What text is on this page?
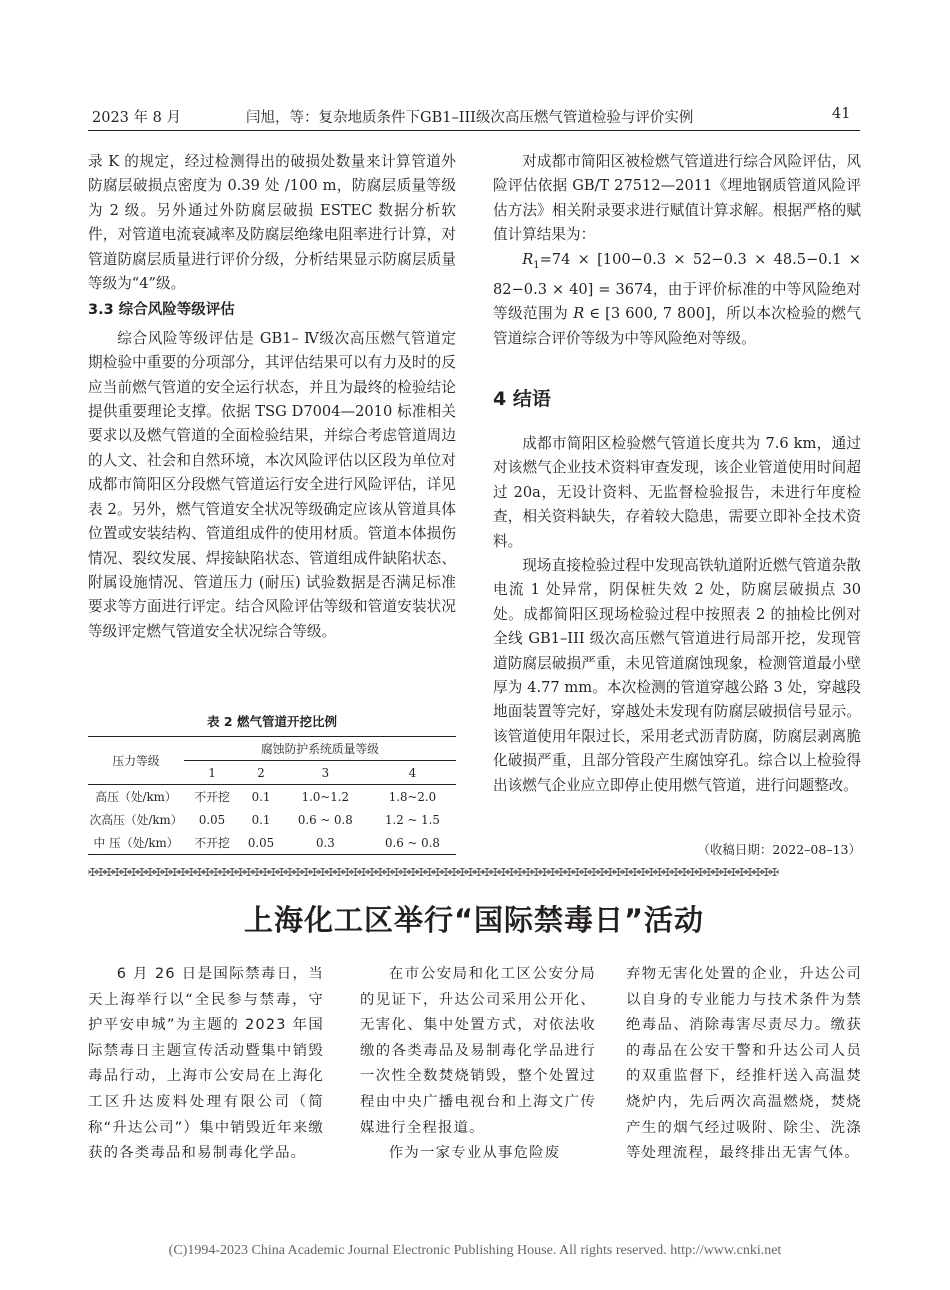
2023 年 8 月	闫旭，等：复杂地质条件下GB1–III级次高压燃气管道检验与评价实例	41

录 K 的规定，经过检测得出的破损处数量来计算管道外防腐层破损点密度为 0.39 处 /100 m，防腐层质量等级为 2 级。另外通过外防腐层破损 ESTEC 数据分析软件，对管道电流衰减率及防腐层绝缘电阻率进行计算，对管道防腐层质量进行评价分级，分析结果显示防腐层质量等级为“4”级。

3.3 综合风险等级评估

综合风险等级评估是 GB1– Ⅳ级次高压燃气管道定期检验中重要的分项部分，其评估结果可以有力及时的反应当前燃气管道的安全运行状态，并且为最终的检验结论提供重要理论支撑。依据 TSG D7004—2010 标准相关要求以及燃气管道的全面检验结果，并综合考虑管道周边的人文、社会和自然环境，本次风险评估以区段为单位对成都市简阳区分段燃气管道运行安全进行风险评估，详见表 2。另外，燃气管道安全状况等级确定应该从管道具体位置或安装结构、管道组成件的使用材质。管道本体损伤情况、裂纹发展、焊接缺陷状态、管道组成件缺陷状态、附属设施情况、管道压力 (耐压) 试验数据是否满足标准要求等方面进行评定。结合风险评估等级和管道安装状况等级评定燃气管道安全状况综合等级。

表 2 燃气管道开挖比例
压力等级	腐蚀防护系统质量等级			
	1	2	3	4
高压（处/km）	不开挖	0.1	1.0~1.2	1.8~2.0
次高压（处/km）	0.05	0.1	0.6 ~ 0.8	1.2 ~ 1.5
中 压（处/km）	不开挖	0.05	0.3	0.6 ~ 0.8

对成都市简阳区被检燃气管道进行综合风险评估，风险评估依据 GB/T 27512—2011《埋地钢质管道风险评估方法》相关附录要求进行赋值计算求解。根据严格的赋值计算结果为：

$R_1=74 \times [100-0.3 \times 52-0.3 \times 48.5-0.1 \times 82-0.3 \times 40] = 3674$，由于评价标准的中等风险绝对等级范围为 R ∈ [3 600, 7 800]，所以本次检验的燃气管道综合评价等级为中等风险绝对等级。

4 结语

成都市简阳区检验燃气管道长度共为 7.6 km，通过对该燃气企业技术资料审查发现，该企业管道使用时间超过 20a，无设计资料、无监督检验报告，未进行年度检查，相关资料缺失，存着较大隐患，需要立即补全技术资料。

现场直接检验过程中发现高铁轨道附近燃气管道杂散电流 1 处异常，阴保桩失效 2 处，防腐层破损点 30 处。成都简阳区现场检验过程中按照表 2 的抽检比例对全线 GB1–III 级次高压燃气管道进行局部开挖，发现管道防腐层破损严重，未见管道腐蚀现象，检测管道最小壁厚为 4.77 mm。本次检测的管道穿越公路 3 处，穿越段地面装置等完好，穿越处未发现有防腐层破损信号显示。该管道使用年限过长，采用老式沥青防腐，防腐层剥离脆化破损严重，且部分管段产生腐蚀穿孔。综合以上检验得出该燃气企业应立即停止使用燃气管道，进行问题整改。

（收稿日期：2022–08–13）
✠✠✠✠✠✠✠✠✠✠✠✠✠✠✠✠✠✠✠✠✠✠✠✠✠✠✠✠✠✠✠✠✠✠✠✠✠✠✠✠✠✠✠✠✠✠✠✠✠✠✠✠✠✠✠✠✠✠✠✠✠✠✠✠✠✠✠✠✠✠✠✠✠✠✠✠✠✠✠✠✠✠✠✠
上海化工区举行“国际禁毒日”活动

6 月 26 日是国际禁毒日，当天上海举行以“全民参与禁毒，守护平安申城”为主题的 2023 年国际禁毒日主题宣传活动暨集中销毁毒品行动，上海市公安局在上海化工区升达废料处理有限公司（简称“升达公司”）集中销毁近年来缴获的各类毒品和易制毒化学品。

在市公安局和化工区公安分局的见证下，升达公司采用公开化、无害化、集中处置方式，对依法收缴的各类毒品及易制毒化学品进行一次性全数焚烧销毁，整个处置过程由中央广播电视台和上海文广传媒进行全程报道。

作为一家专业从事危险废

弃物无害化处置的企业，升达公司以自身的专业能力与技术条件为禁绝毒品、消除毒害尽责尽力。缴获的毒品在公安干警和升达公司人员的双重监督下，经推杆送入高温焚烧炉内，先后两次高温燃烧，焚烧产生的烟气经过吸附、除尘、洗涤等处理流程，最终排出无害气体。

(C)1994-2023 China Academic Journal Electronic Publishing House. All rights reserved. http://www.cnki.net
